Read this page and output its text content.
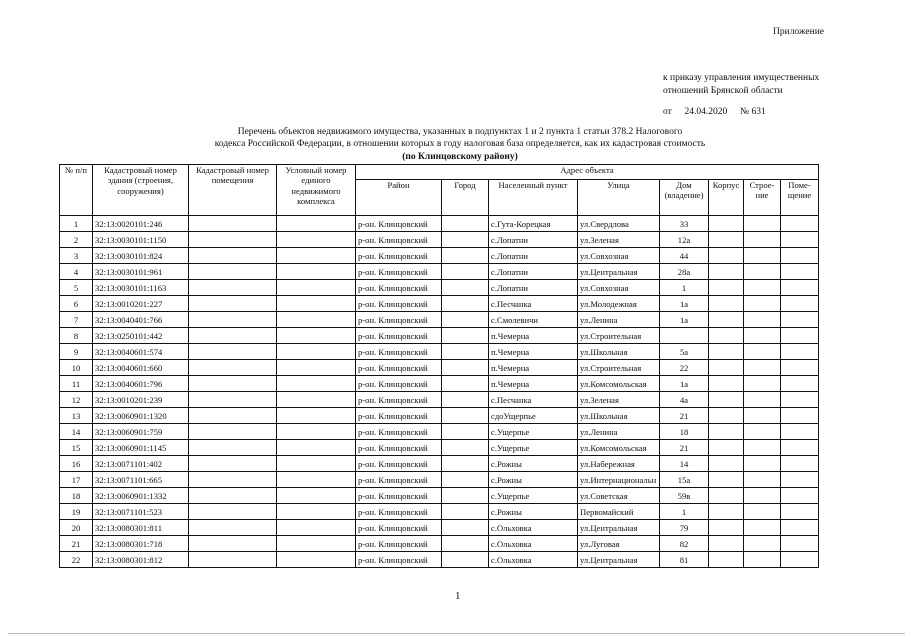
Приложение
к приказу управления имущественных
отношений Брянской области
от 24.04.2020 № 631
Перечень объектов недвижимого имущества, указанных в подпунктах 1 и 2 пункта 1 статьи 378.2 Налогового
кодекса Российской Федерации, в отношении которых в году налоговая база определяется, как их кадастровая стоимость
(по Клинцовскому району)
№ п/п	Кадастровый номер здания (строения, сооружения)	Кадастровый номер помещения	Условный номер единого недвижимого комплекса	Адрес объекта							
				Район	Город	Населенный пункт	Улица	Дом (владение)	Корпус	Строе-ние	Поме-щение
1	32:13:0020101:246			р-он. Клинцовский		с.Гута-Корецкая	ул.Свердлова	33			
2	32:13:0030101:1150			р-он. Клинцовский		с.Лопатни	ул.Зеленая	12а			
3	32:13:0030101:824			р-он. Клинцовский		с.Лопатни	ул.Совхозная	44			
4	32:13:0030101:961			р-он. Клинцовский		с.Лопатни	ул.Центральная	28а			
5	32:13:0030101:1163			р-он. Клинцовский		с.Лопатни	ул.Совхозная	1			
6	32:13:0010201:227			р-он. Клинцовский		с.Песчанка	ул.Молодежная	1а			
7	32:13:0040401:766			р-он. Клинцовский		с.Смолевичи	ул.Ленина	1а			
8	32:13:0250101:442			р-он. Клинцовский		п.Чемерна	ул.Строительная				
9	32:13:0040601:574			р-он. Клинцовский		п.Чемерна	ул.Школьная	5а			
10	32:13:0040601:660			р-он. Клинцовский		п.Чемерна	ул.Строительная	22			
11	32:13:0040601:796			р-он. Клинцовский		п.Чемерна	ул.Комсомольская	1а			
12	32:13:0010201:239			р-он. Клинцовский		с.Песчанка	ул.Зеленая	4а			
13	32:13:0060901:1320			р-он. Клинцовский		сдоУщерпье	ул.Школьная	21			
14	32:13:0060901:759			р-он. Клинцовский		с.Ущерпье	ул.Ленина	18			
15	32:13:0060901:1145			р-он. Клинцовский		с.Ущерпье	ул.Комсомольская	21			
16	32:13:0071101:402			р-он. Клинцовский		с.Рожны	ул.Набережная	14			
17	32:13:0071101:665			р-он. Клинцовский		с.Рожны	ул.Интернациональн	15а			
18	32:13:0060901:1332			р-он. Клинцовский		с.Ущерпье	ул.Советская	59в			
19	32:13:0071101:523			р-он. Клинцовский		с.Рожны	Первомайский	1			
20	32:13:0080301:811			р-он. Клинцовский		с.Ольховка	ул.Центральная	79			
21	32:13:0080301:718			р-он. Клинцовский		с.Ольховка	ул.Луговая	82			
22	32:13:0080301:812			р-он. Клинцовский		с.Ольховка	ул.Центральная	81			
1
